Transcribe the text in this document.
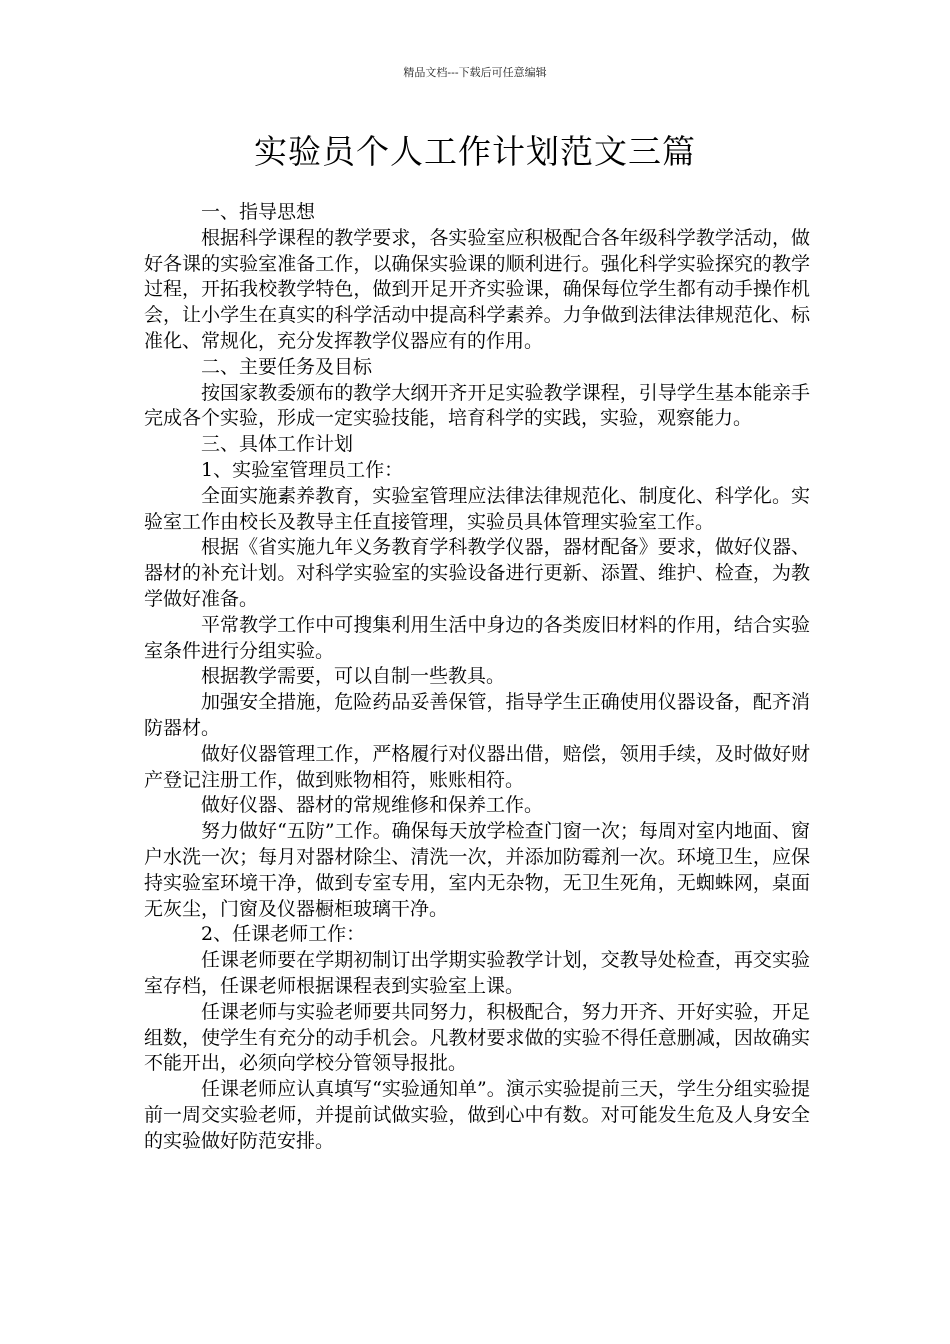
精品文档---下载后可任意编辑
实验员个人工作计划范文三篇

一、指导思想

根据科学课程的教学要求，各实验室应积极配合各年级科学教学活动，做好各课的实验室准备工作，以确保实验课的顺利进行。强化科学实验探究的教学过程，开拓我校教学特色，做到开足开齐实验课，确保每位学生都有动手操作机会，让小学生在真实的科学活动中提高科学素养。力争做到法律法律规范化、标准化、常规化，充分发挥教学仪器应有的作用。

二、主要任务及目标

按国家教委颁布的教学大纲开齐开足实验教学课程，引导学生基本能亲手完成各个实验，形成一定实验技能，培育科学的实践，实验，观察能力。

三、具体工作计划

1、实验室管理员工作：

全面实施素养教育，实验室管理应法律法律规范化、制度化、科学化。实验室工作由校长及教导主任直接管理，实验员具体管理实验室工作。

根据《省实施九年义务教育学科教学仪器，器材配备》要求，做好仪器、器材的补充计划。对科学实验室的实验设备进行更新、添置、维护、检查，为教学做好准备。

平常教学工作中可搜集利用生活中身边的各类废旧材料的作用，结合实验室条件进行分组实验。

根据教学需要，可以自制一些教具。

加强安全措施，危险药品妥善保管，指导学生正确使用仪器设备，配齐消防器材。

做好仪器管理工作，严格履行对仪器出借，赔偿，领用手续，及时做好财产登记注册工作，做到账物相符，账账相符。

做好仪器、器材的常规维修和保养工作。

努力做好“五防”工作。确保每天放学检查门窗一次；每周对室内地面、窗户水洗一次；每月对器材除尘、清洗一次，并添加防霉剂一次。环境卫生，应保持实验室环境干净，做到专室专用，室内无杂物，无卫生死角，无蜘蛛网，桌面无灰尘，门窗及仪器橱柜玻璃干净。

2、任课老师工作：

任课老师要在学期初制订出学期实验教学计划，交教导处检查，再交实验室存档，任课老师根据课程表到实验室上课。

任课老师与实验老师要共同努力，积极配合，努力开齐、开好实验，开足组数，使学生有充分的动手机会。凡教材要求做的实验不得任意删减，因故确实不能开出，必须向学校分管领导报批。

任课老师应认真填写“实验通知单”。演示实验提前三天，学生分组实验提前一周交实验老师，并提前试做实验，做到心中有数。对可能发生危及人身安全的实验做好防范安排。
